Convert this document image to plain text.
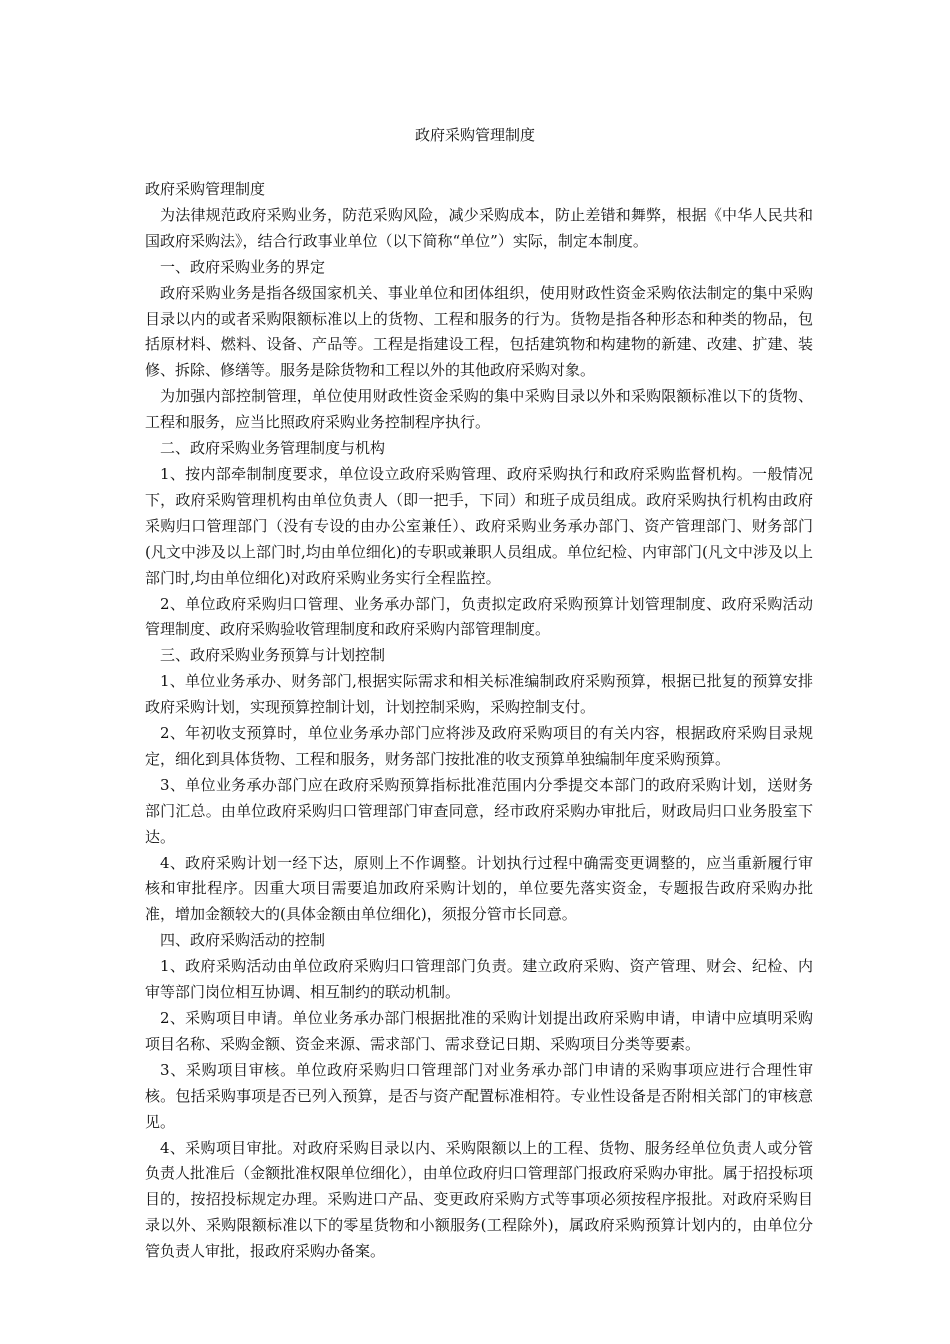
政府采购管理制度

政府采购管理制度

为法律规范政府采购业务，防范采购风险，减少采购成本，防止差错和舞弊，根据《中华人民共和国政府采购法》，结合行政事业单位（以下简称“单位”）实际，制定本制度。

一、政府采购业务的界定

政府采购业务是指各级国家机关、事业单位和团体组织，使用财政性资金采购依法制定的集中采购目录以内的或者采购限额标准以上的货物、工程和服务的行为。货物是指各种形态和种类的物品，包括原材料、燃料、设备、产品等。工程是指建设工程，包括建筑物和构建物的新建、改建、扩建、装修、拆除、修缮等。服务是除货物和工程以外的其他政府采购对象。

为加强内部控制管理，单位使用财政性资金采购的集中采购目录以外和采购限额标准以下的货物、工程和服务，应当比照政府采购业务控制程序执行。

二、政府采购业务管理制度与机构

1、按内部牵制制度要求，单位设立政府采购管理、政府采购执行和政府采购监督机构。一般情况下，政府采购管理机构由单位负责人（即一把手，下同）和班子成员组成。政府采购执行机构由政府采购归口管理部门（没有专设的由办公室兼任）、政府采购业务承办部门、资产管理部门、财务部门(凡文中涉及以上部门时,均由单位细化)的专职或兼职人员组成。单位纪检、内审部门(凡文中涉及以上部门时,均由单位细化)对政府采购业务实行全程监控。

2、单位政府采购归口管理、业务承办部门，负责拟定政府采购预算计划管理制度、政府采购活动管理制度、政府采购验收管理制度和政府采购内部管理制度。

三、政府采购业务预算与计划控制

1、单位业务承办、财务部门,根据实际需求和相关标准编制政府采购预算，根据已批复的预算安排政府采购计划，实现预算控制计划，计划控制采购，采购控制支付。

2、年初收支预算时，单位业务承办部门应将涉及政府采购项目的有关内容，根据政府采购目录规定，细化到具体货物、工程和服务，财务部门按批准的收支预算单独编制年度采购预算。

3、单位业务承办部门应在政府采购预算指标批准范围内分季提交本部门的政府采购计划，送财务部门汇总。由单位政府采购归口管理部门审查同意，经市政府采购办审批后，财政局归口业务股室下达。

4、政府采购计划一经下达，原则上不作调整。计划执行过程中确需变更调整的，应当重新履行审核和审批程序。因重大项目需要追加政府采购计划的，单位要先落实资金，专题报告政府采购办批准，增加金额较大的(具体金额由单位细化)，须报分管市长同意。

四、政府采购活动的控制

1、政府采购活动由单位政府采购归口管理部门负责。建立政府采购、资产管理、财会、纪检、内审等部门岗位相互协调、相互制约的联动机制。

2、采购项目申请。单位业务承办部门根据批准的采购计划提出政府采购申请，申请中应填明采购项目名称、采购金额、资金来源、需求部门、需求登记日期、采购项目分类等要素。

3、采购项目审核。单位政府采购归口管理部门对业务承办部门申请的采购事项应进行合理性审核。包括采购事项是否已列入预算，是否与资产配置标准相符。专业性设备是否附相关部门的审核意见。

4、采购项目审批。对政府采购目录以内、采购限额以上的工程、货物、服务经单位负责人或分管负责人批准后（金额批准权限单位细化），由单位政府归口管理部门报政府采购办审批。属于招投标项目的，按招投标规定办理。采购进口产品、变更政府采购方式等事项必须按程序报批。对政府采购目录以外、采购限额标准以下的零星货物和小额服务(工程除外)，属政府采购预算计划内的，由单位分管负责人审批，报政府采购办备案。
